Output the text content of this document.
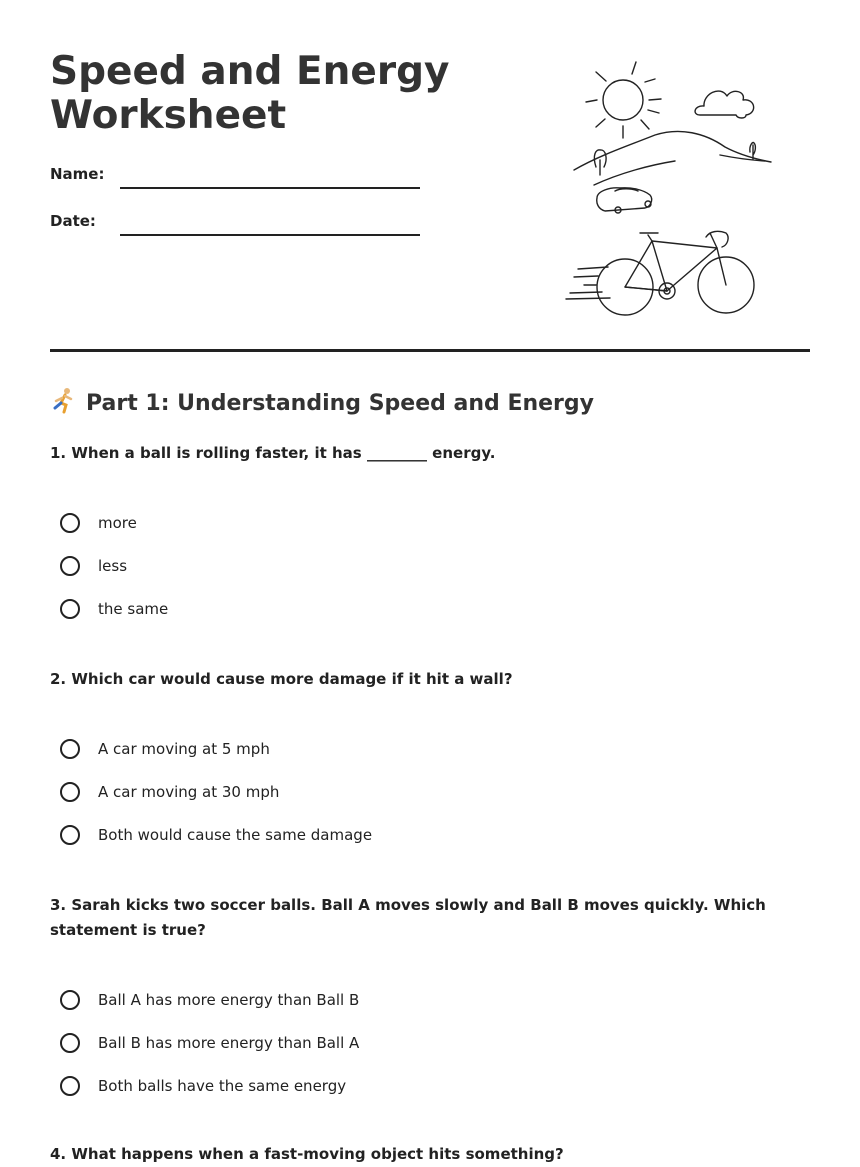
Speed and Energy
Worksheet
Name:
Date:
Part 1: Understanding Speed and Energy

1. When a ball is rolling faster, it has ________ energy.

more
less
the same

2. Which car would cause more damage if it hit a wall?

A car moving at 5 mph
A car moving at 30 mph
Both would cause the same damage

3. Sarah kicks two soccer balls. Ball A moves slowly and Ball B moves quickly. Which statement is true?

Ball A has more energy than Ball B
Ball B has more energy than Ball A
Both balls have the same energy

4. What happens when a fast-moving object hits something?
